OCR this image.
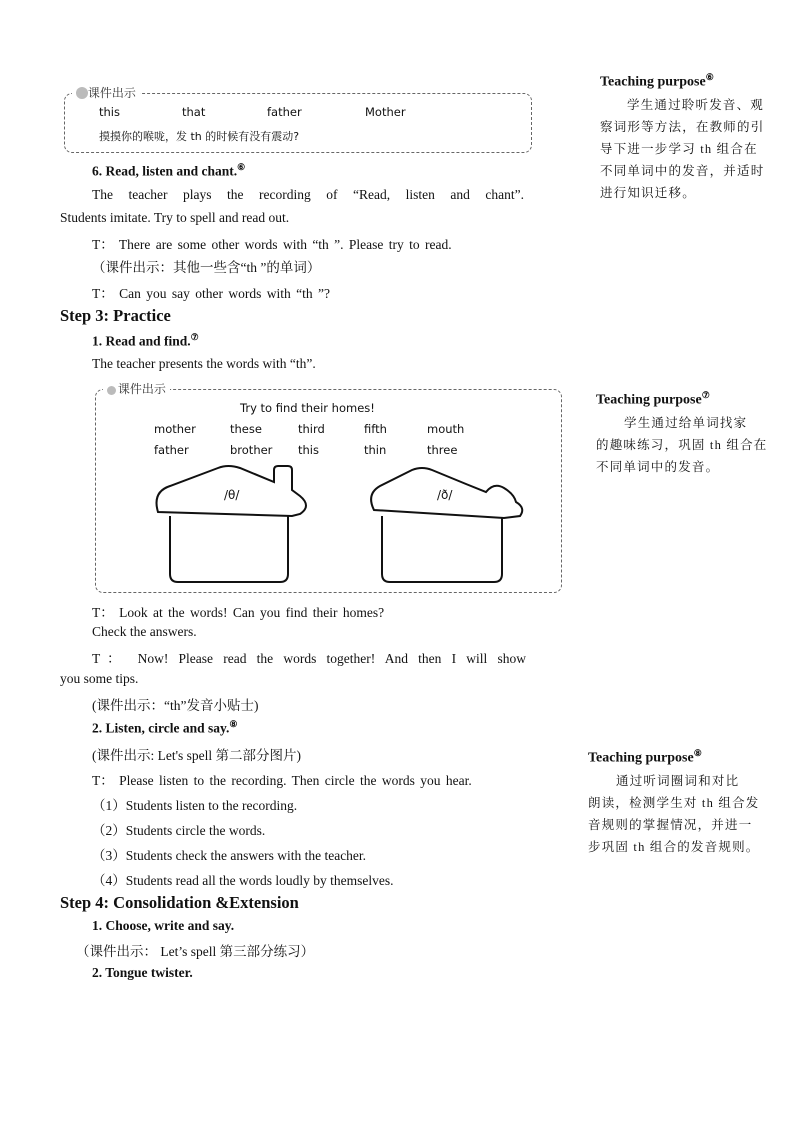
课件出示
this	that	father	Mother
摸摸你的喉咙，发 th 的时候有没有震动?
6. Read, listen and chant.⑥
The teacher plays the recording of “Read, listen and chant”.
Students imitate. Try to spell and read out.
T： There are some other words with “th ”. Please try to read.
（课件出示：其他一些含“th ”的单词）
T： Can you say other words with “th ”?
Step 3: Practice
1. Read and find.⑦
The teacher presents the words with “th”.
课件出示
Try to find their homes!
mother	these	third	fifth	mouth
father	brother this	thin	three
/θ/	/ð/
T： Look at the words! Can you find their homes?
Check the answers.
T： Now! Please read the words together! And then I will show
you some tips.
(课件出示：“th”发音小贴士)
2. Listen, circle and say.⑧
(课件出示: Let's spell 第二部分图片)
T： Please listen to the recording. Then circle the words you hear.
（1）Students listen to the recording.
（2）Students circle the words.
（3）Students check the answers with the teacher.
（4）Students read all the words loudly by themselves.
Step 4: Consolidation &Extension
1. Choose, write and say.
（课件出示： Let’s spell 第三部分练习）
2. Tongue twister.
Teaching purpose⑥
学生通过聆听发音、观
察词形等方法，在教师的引
导下进一步学习 th 组合在
不同单词中的发音，并适时
进行知识迁移。
Teaching purpose⑦
学生通过给单词找家
的趣味练习，巩固 th 组合在
不同单词中的发音。
Teaching purpose⑧
通过听词圈词和对比
朗读，检测学生对 th 组合发
音规则的掌握情况，并进一
步巩固 th 组合的发音规则。
